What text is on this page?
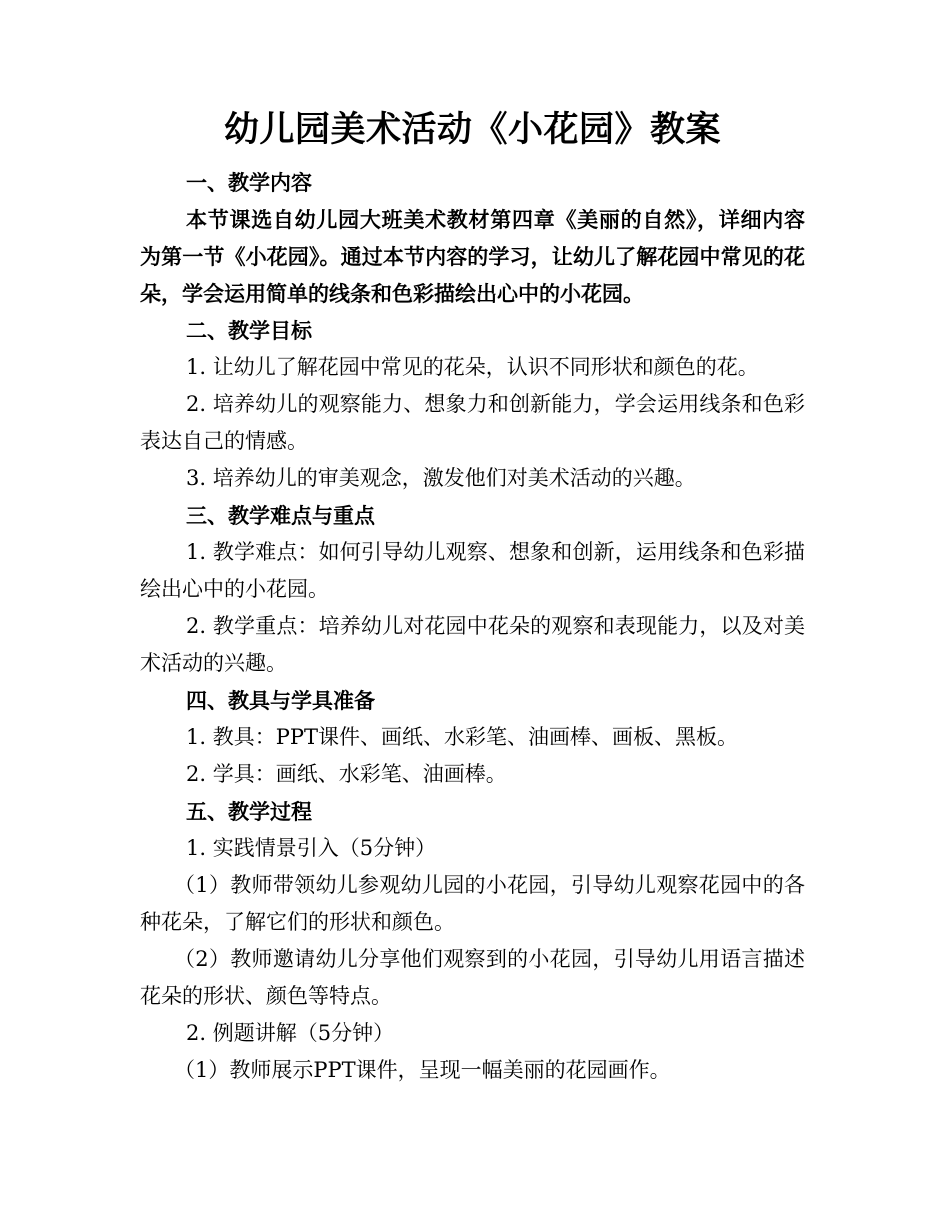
幼儿园美术活动《小花园》教案

一、教学内容

本节课选自幼儿园大班美术教材第四章《美丽的自然》，详细内容为第一节《小花园》。通过本节内容的学习，让幼儿了解花园中常见的花朵，学会运用简单的线条和色彩描绘出心中的小花园。

二、教学目标

1. 让幼儿了解花园中常见的花朵，认识不同形状和颜色的花。

2. 培养幼儿的观察能力、想象力和创新能力，学会运用线条和色彩表达自己的情感。

3. 培养幼儿的审美观念，激发他们对美术活动的兴趣。

三、教学难点与重点

1. 教学难点：如何引导幼儿观察、想象和创新，运用线条和色彩描绘出心中的小花园。

2. 教学重点：培养幼儿对花园中花朵的观察和表现能力，以及对美术活动的兴趣。

四、教具与学具准备

1. 教具：PPT课件、画纸、水彩笔、油画棒、画板、黑板。

2. 学具：画纸、水彩笔、油画棒。

五、教学过程

1. 实践情景引入（5分钟）

（1）教师带领幼儿参观幼儿园的小花园，引导幼儿观察花园中的各种花朵，了解它们的形状和颜色。

（2）教师邀请幼儿分享他们观察到的小花园，引导幼儿用语言描述花朵的形状、颜色等特点。

2. 例题讲解（5分钟）

（1）教师展示PPT课件，呈现一幅美丽的花园画作。
